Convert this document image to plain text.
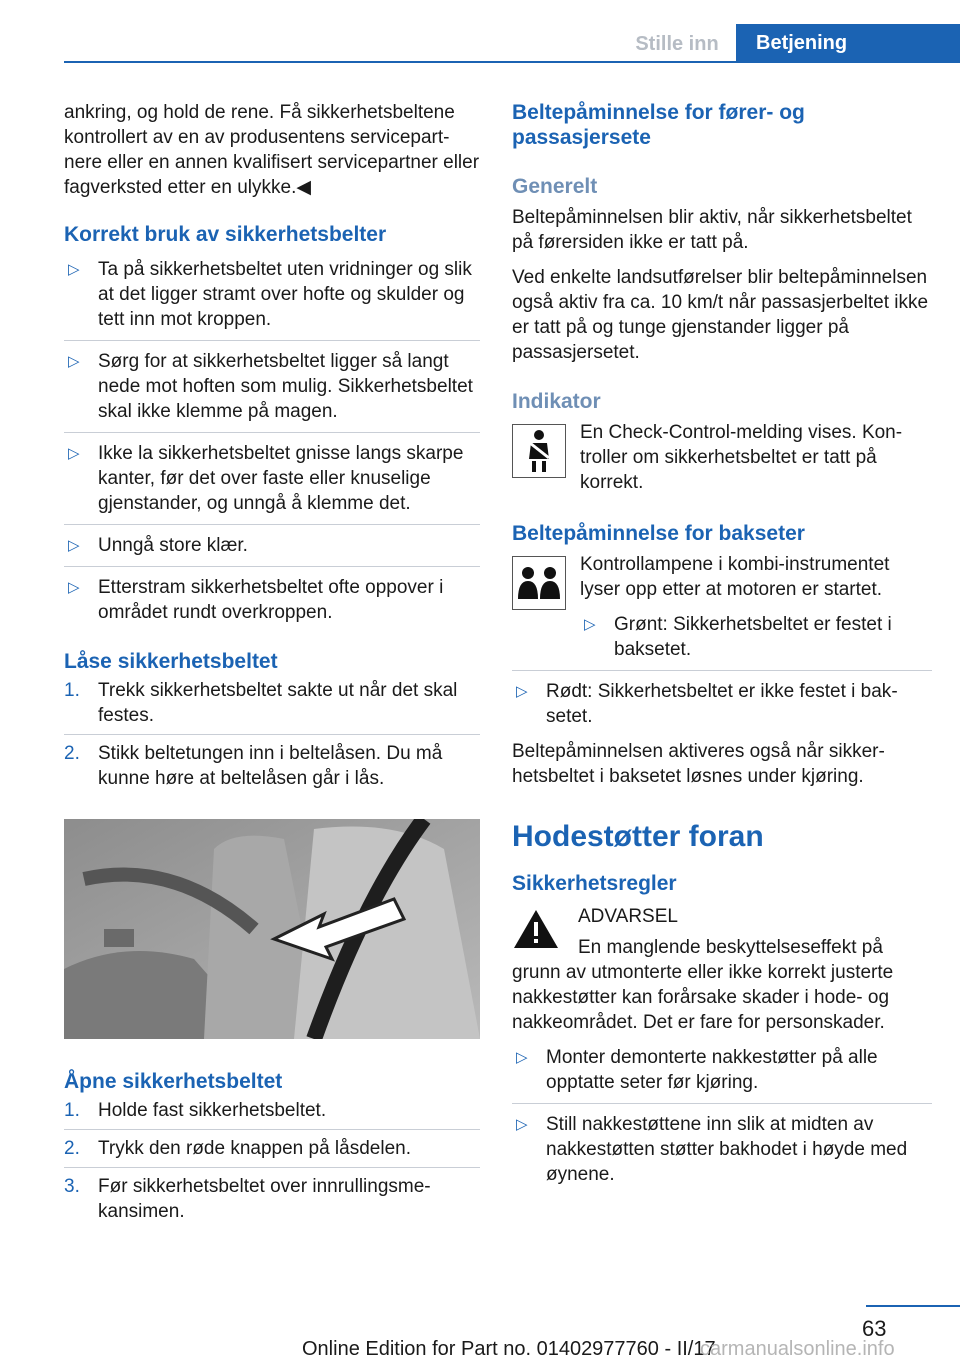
Stille inn	Betjening

ankring, og hold de rene. Få sikkerhetsbeltene kontrollert av en av produsentens servicepartnere eller en annen kvalifisert servicepartner eller fagverksted etter en ulykke.◀

Korrekt bruk av sikkerhetsbelter
▷ Ta på sikkerhetsbeltet uten vridninger og slik at det ligger stramt over hofte og skulder og tett inn mot kroppen.
▷ Sørg for at sikkerhetsbeltet ligger så langt nede mot hoften som mulig. Sikkerhetsbeltet skal ikke klemme på magen.
▷ Ikke la sikkerhetsbeltet gnisse langs skarpe kanter, før det over faste eller knuselige gjenstander, og unngå å klemme det.
▷ Unngå store klær.
▷ Etterstram sikkerhetsbeltet ofte oppover i området rundt overkroppen.
Låse sikkerhetsbeltet
1. Trekk sikkerhetsbeltet sakte ut når det skal festes.
2. Stikk beltetungen inn i beltelåsen. Du må kunne høre at beltelåsen går i lås.
Åpne sikkerhetsbeltet
1. Holde fast sikkerhetsbeltet.
2. Trykk den røde knappen på låsdelen.
3. Før sikkerhetsbeltet over innrullingsmekansimen.
Beltepåminnelse for fører- og passasjersete
Generelt

Beltepåminnelsen blir aktiv, når sikkerhetsbeltet på førersiden ikke er tatt på.

Ved enkelte landsutførelser blir beltepåminnelsen også aktiv fra ca. 10 km/t når passasjerbeltet ikke er tatt på og tunge gjenstander ligger på passasjersetet.

Indikator

En Check-Control-melding vises. Kontroller om sikkerhetsbeltet er tatt på korrekt.

Beltepåminnelse for bakseter

Kontrollampene i kombi-instrumentet lyser opp etter at motoren er startet.

▷ Grønt: Sikkerhetsbeltet er festet i baksetet.
▷ Rødt: Sikkerhetsbeltet er ikke festet i baksetet.

Beltepåminnelsen aktiveres også når sikkerhetsbeltet i baksetet løsnes under kjøring.

Hodestøtter foran
Sikkerhetsregler

ADVARSEL

En manglende beskyttelseseffekt på grunn av utmonterte eller ikke korrekt justerte nakkestøtter kan forårsake skader i hode- og nakkeområdet. Det er fare for personskader.

▷ Monter demonterte nakkestøtter på alle opptatte seter før kjøring.
▷ Still nakkestøttene inn slik at midten av nakkestøtten støtter bakhodet i høyde med øynene.
63
Online Edition for Part no. 01402977760 - II/17
carmanualsonline.info
